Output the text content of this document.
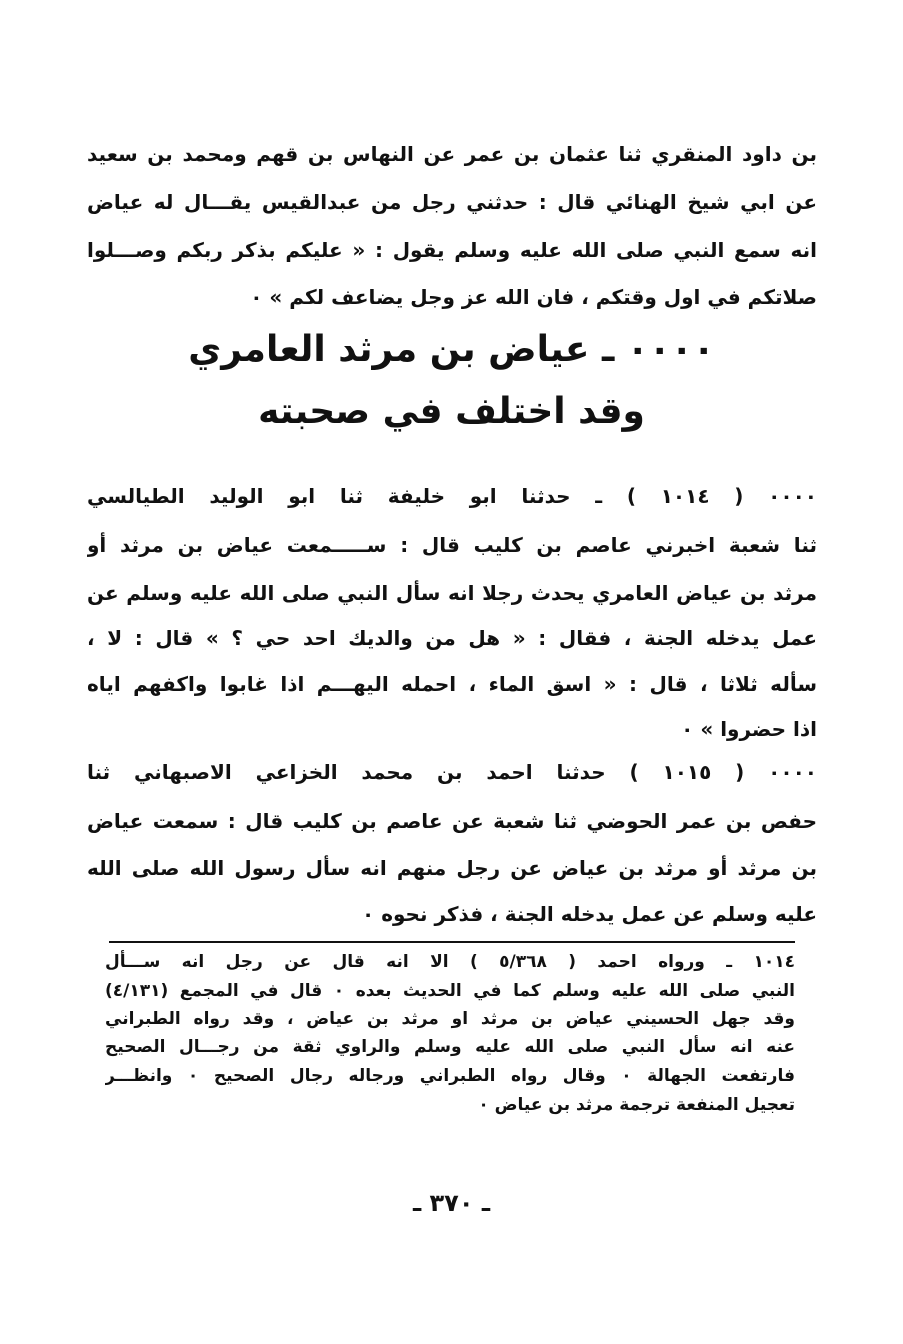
بن داود المنقري ثنا عثمان بن عمر عن النهاس بن قهم ومحمد بن سعيد
عن ابي شيخ الهنائي قال : حدثني رجل من عبدالقيس يقـــال له عياض
انه سمع النبي صلى الله عليه وسلم يقول : « عليكم بذكر ربكم وصـــلوا
صلاتكم في اول وقتكم ، فان الله عز وجل يضاعف لكم » ٠
٠٠٠٠ ـ عياض بن مرثد العامري
وقد اختلف في صحبته
٠٠٠٠ ( ١٠١٤ ) ـ حدثنا ابو خليفة ثنا ابو الوليد الطيالسي
ثنا شعبة اخبرني عاصم بن كليب قال : ســـــمعت عياض بن مرثد أو
مرثد بن عياض العامري يحدث رجلا انه سأل النبي صلى الله عليه وسلم عن
عمل يدخله الجنة ، فقال : « هل من والديك احد حي ؟ » قال : لا ،
سأله ثلاثا ، قال : « اسق الماء ، احمله اليهـــم اذا غابوا واكفهم اياه
اذا حضروا » ٠
٠٠٠٠ ( ١٠١٥ ) حدثنا احمد بن محمد الخزاعي الاصبهاني ثنا
حفص بن عمر الحوضي ثنا شعبة عن عاصم بن كليب قال : سمعت عياض
بن مرثد أو مرثد بن عياض عن رجل منهم انه سأل رسول الله صلى الله
عليه وسلم عن عمل يدخله الجنة ، فذكر نحوه ٠
١٠١٤ ـ ورواه احمد ( ٥/٣٦٨ ) الا انه قال عن رجل انه ســـأل
النبي صلى الله عليه وسلم كما في الحديث بعده ٠ قال في المجمع (٤/١٣١)
وقد جهل الحسيني عياض بن مرثد او مرثد بن عياض ، وقد رواه الطبراني
عنه انه سأل النبي صلى الله عليه وسلم والراوي ثقة من رجـــال الصحيح
فارتفعت الجهالة ٠ وقال رواه الطبراني ورجاله رجال الصحيح ٠ وانظـــر
تعجيل المنفعة ترجمة مرثد بن عياض ٠
ـ ٣٧٠ ـ
